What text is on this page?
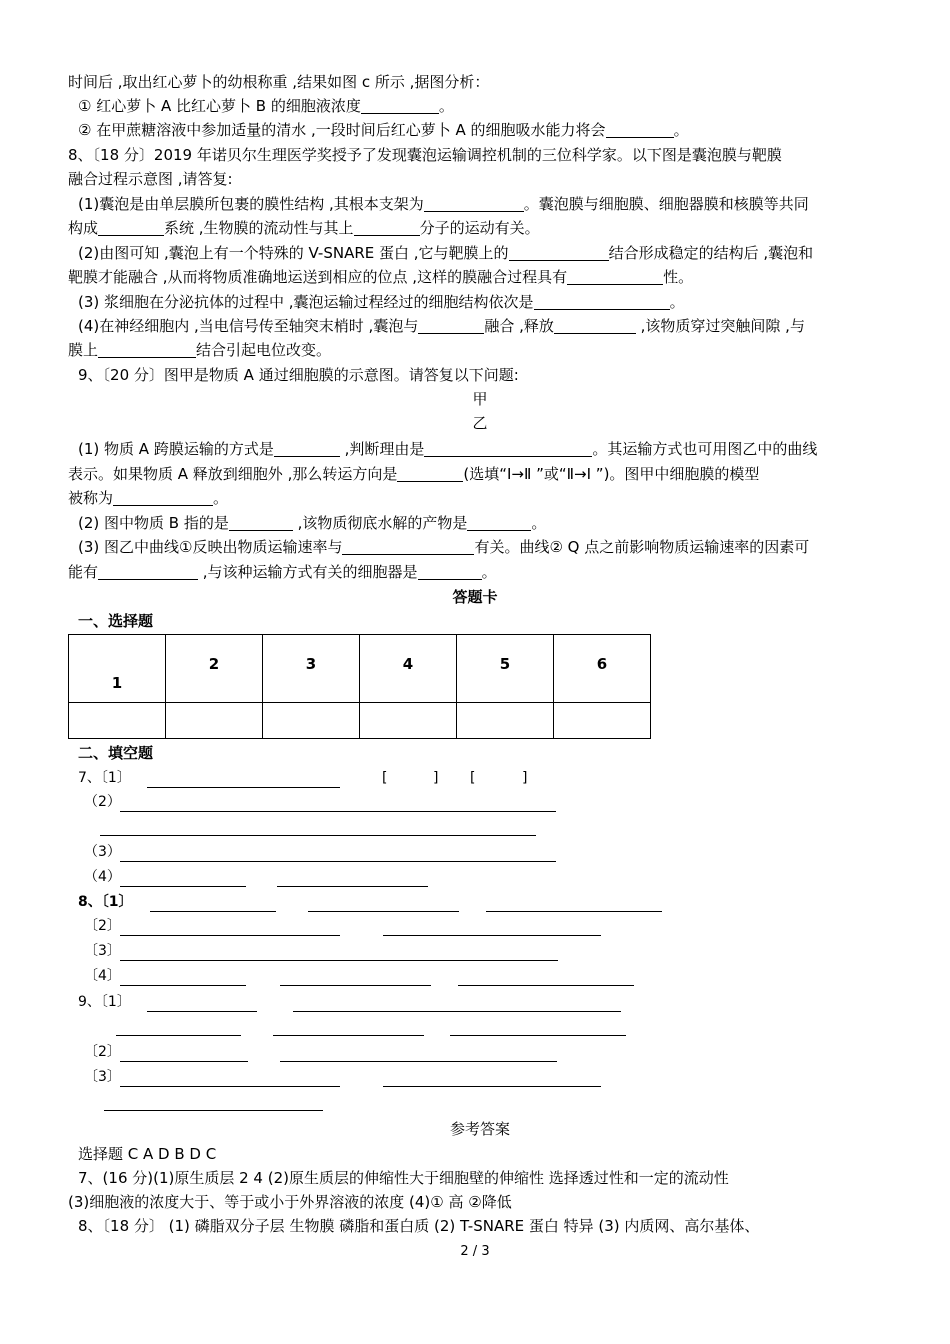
时间后 ,取出红心萝卜的幼根称重 ,结果如图 c 所示 ,据图分析：
① 红心萝卜 A 比红心萝卜 B 的细胞液浓度	。
② 在甲蔗糖溶液中参加适量的清水 ,一段时间后红心萝卜 A 的细胞吸水能力将会	。
8、〔18 分〕2019 年诺贝尔生理医学奖授予了发现囊泡运输调控机制的三位科学家。以下图是囊泡膜与靶膜
融合过程示意图 ,请答复:
(1)囊泡是由单层膜所包裹的膜性结构 ,其根本支架为	。囊泡膜与细胞膜、细胞器膜和核膜等共同
构成	系统 ,生物膜的流动性与其上	分子的运动有关。
(2)由图可知 ,囊泡上有一个特殊的 V-SNARE 蛋白 ,它与靶膜上的	结合形成稳定的结构后 ,囊泡和
靶膜才能融合 ,从而将物质准确地运送到相应的位点 ,这样的膜融合过程具有	性。
(3) 浆细胞在分泌抗体的过程中 ,囊泡运输过程经过的细胞结构依次是	。
(4)在神经细胞内 ,当电信号传至轴突末梢时 ,囊泡与	融合 ,释放	,该物质穿过突触间隙 ,与
膜上	结合引起电位改变。
9、〔20 分〕图甲是物质 A 通过细胞膜的示意图。请答复以下问题:
甲
乙
(1) 物质 A 跨膜运输的方式是	,判断理由是	。其运输方式也可用图乙中的曲线
表示。如果物质 A 释放到细胞外 ,那么转运方向是	(选填“Ⅰ→Ⅱ ”或“Ⅱ→Ⅰ ”)。图甲中细胞膜的模型
被称为	。
(2) 图中物质 B 指的是	,该物质彻底水解的产物是	。
(3) 图乙中曲线①反映出物质运输速率与	有关。曲线② Q 点之前影响物质运输速率的因素可
能有	,与该种运输方式有关的细胞器是	。
答题卡
一、选择题
1	2	3	4	5	6

二、填空题
7、〔1〕	[	] [	]
（2）
（3）
（4）
8、〔1〕
〔2〕
〔3〕
〔4〕
9、〔1〕
〔2〕
〔3〕
参考答案
选择题 C A D B D C
7、(16 分)(1)原生质层 2 4 (2)原生质层的伸缩性大于细胞壁的伸缩性 选择透过性和一定的流动性
(3)细胞液的浓度大于、等于或小于外界溶液的浓度 (4)① 高 ②降低
8、〔18 分〕 (1) 磷脂双分子层 生物膜 磷脂和蛋白质 (2) T-SNARE 蛋白 特异 (3) 内质网、高尔基体、
2 / 3
